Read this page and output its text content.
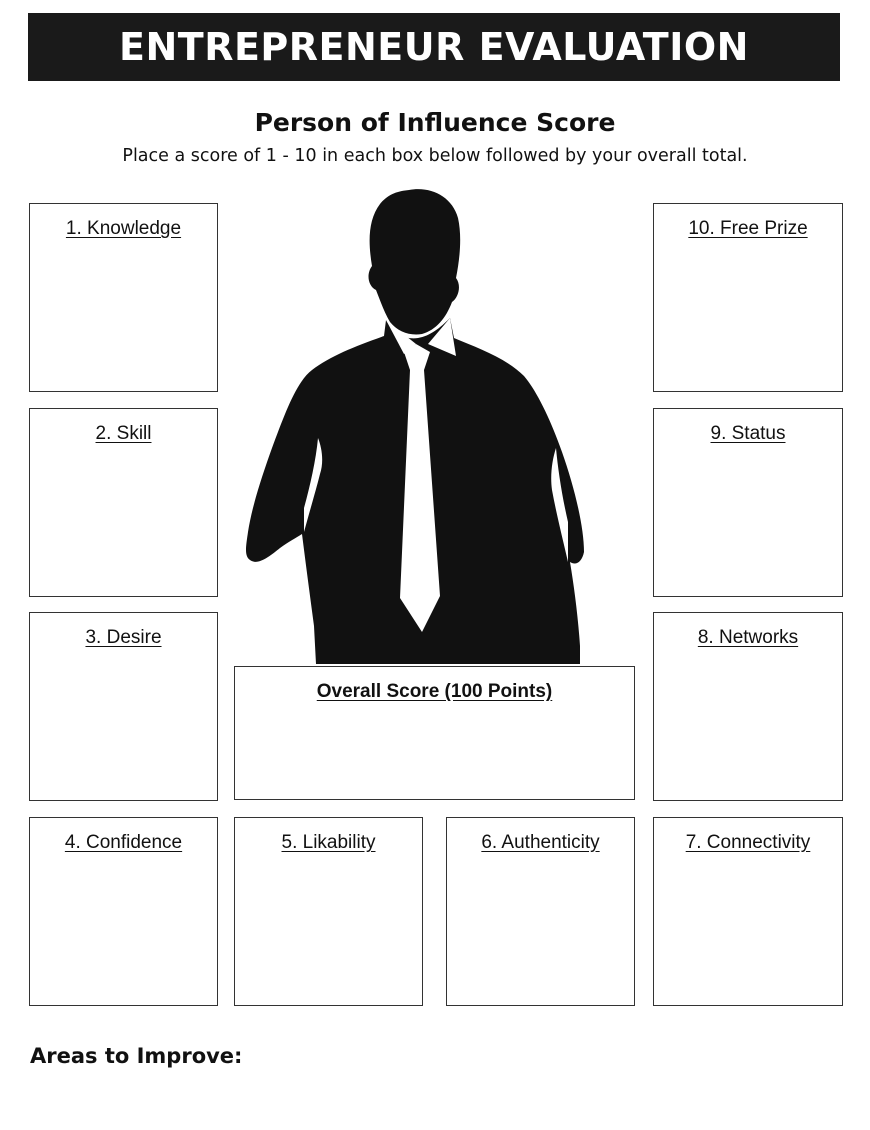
ENTREPRENEUR EVALUATION
Person of Influence Score
Place a score of 1 - 10 in each box below followed by your overall total.
1. Knowledge
2. Skill
3. Desire
10. Free Prize
9. Status
8. Networks
4. Confidence	5. Likability	6. Authenticity	7. Connectivity
Overall Score (100 Points)
Areas to Improve:
